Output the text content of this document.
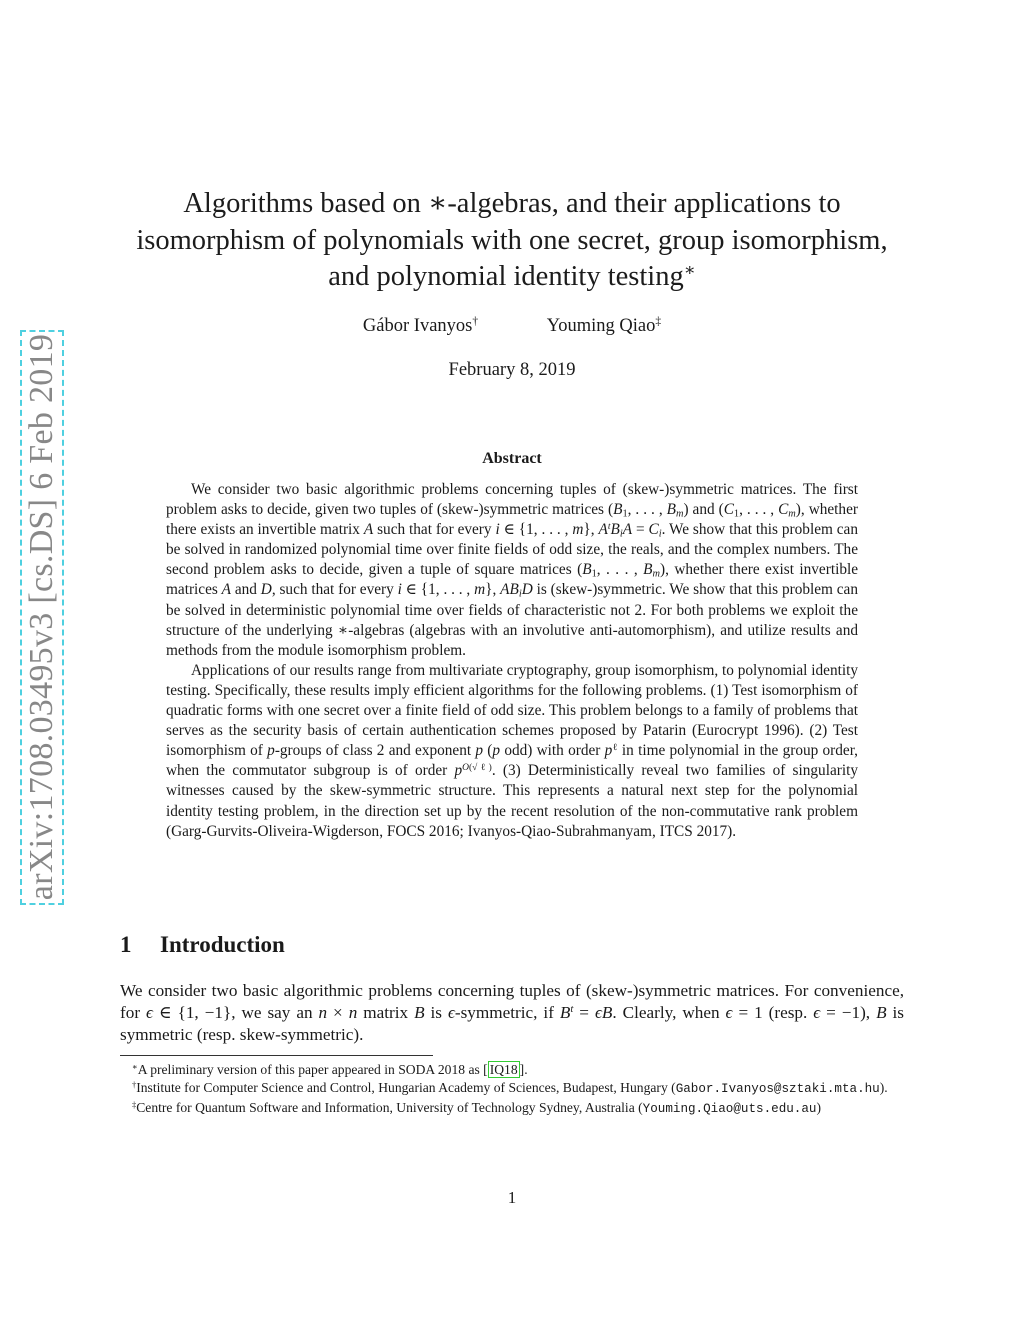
arXiv:1708.03495v3 [cs.DS] 6 Feb 2019
Algorithms based on ∗-algebras, and their applications to
isomorphism of polynomials with one secret, group isomorphism,
and polynomial identity testing∗
Gábor Ivanyos†	Youming Qiao‡
February 8, 2019
Abstract

We consider two basic algorithmic problems concerning tuples of (skew-)symmetric matrices. The first problem asks to decide, given two tuples of (skew-)symmetric matrices ($B_1$, . . . , $B_m$) and ($C_1$, . . . , $C_m$), whether there exists an invertible matrix A such that for every i ∈ {1, . . . , m}, $A^tB_iA = C_i$. We show that this problem can be solved in randomized polynomial time over finite fields of odd size, the reals, and the complex numbers. The second problem asks to decide, given a tuple of square matrices ($B_1$, . . . , $B_m$), whether there exist invertible matrices A and D, such that for every i ∈ {1, . . . , m}, $AB_iD$ is (skew-)symmetric. We show that this problem can be solved in deterministic polynomial time over fields of characteristic not 2. For both problems we exploit the structure of the underlying ∗-algebras (algebras with an involutive anti-automorphism), and utilize results and methods from the module isomorphism problem.

Applications of our results range from multivariate cryptography, group isomorphism, to polynomial identity testing. Specifically, these results imply efficient algorithms for the following problems. (1) Test isomorphism of quadratic forms with one secret over a finite field of odd size. This problem belongs to a family of problems that serves as the security basis of certain authentication schemes proposed by Patarin (Eurocrypt 1996). (2) Test isomorphism of p-groups of class 2 and exponent p (p odd) with order $p^\ell$ in time polynomial in the group order, when the commutator subgroup is of order $p^{O(√\ell)}$. (3) Deterministically reveal two families of singularity witnesses caused by the skew-symmetric structure. This represents a natural next step for the polynomial identity testing problem, in the direction set up by the recent resolution of the non-commutative rank problem (Garg-Gurvits-Oliveira-Wigderson, FOCS 2016; Ivanyos-Qiao-Subrahmanyam, ITCS 2017).

1 Introduction

We consider two basic algorithmic problems concerning tuples of (skew-)symmetric matrices. For convenience, for ϵ ∈ {1, −1}, we say an n × n matrix B is ϵ-symmetric, if $B^t = \epsilon B$. Clearly, when ϵ = 1 (resp. ϵ = −1), B is symmetric (resp. skew-symmetric).

∗A preliminary version of this paper appeared in SODA 2018 as [ IQ18 ].

†Institute for Computer Science and Control, Hungarian Academy of Sciences, Budapest, Hungary (Gabor.Ivanyos@sztaki.mta.hu).

‡Centre for Quantum Software and Information, University of Technology Sydney, Australia (Youming.Qiao@uts.edu.au)

1
